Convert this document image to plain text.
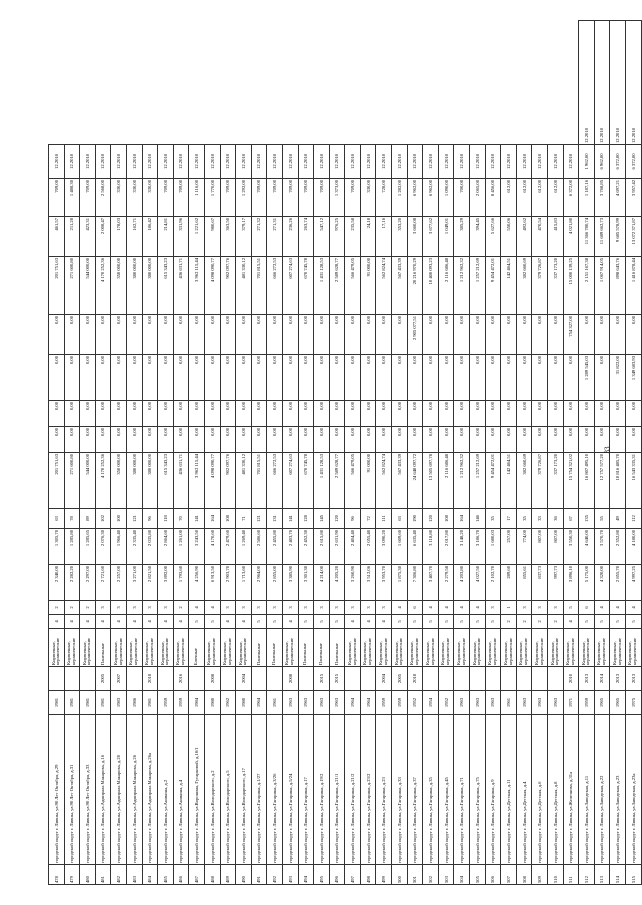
478	городской округ г. Ливны, ул.90 Лет Октября, д.29	1981		Кирпичные, керамические	4	2	2 340,00	1 305,70	63	201 751,63	0,00	0,00	0,00	0,00	201 751,63	461,57	709,00	12.2018	
479	городской округ г. Ливны, ул.90 Лет Октября, д.31	1981		Кирпичные, керамические	4	2	2 282,20	1 285,80	78	271 600,80	0,00	0,00	0,00	0,00	271 600,80	211,28	1 488,30	12.2018	
480	городской округ г. Ливны, ул.90 Лет Октября, д.33	1981		Кирпичные, керамические	4	2	2 297,00	1 285,65	89	544 000,00	0,00	0,00	0,00	0,00	544 000,00	423,31	709,00	12.2018	
481	городской округ г. Ливны, ул.Адмирала Макарова, д.16	1981	2005	Панельные	4	3	2 721,60	2 076,30	102	4 170 252,36	0,00	0,00	0,00	0,00	4 170 252,36	2 008,47	2 568,00	12.2018	
482	городской округ г. Ливны, ул.Адмирала Макарова, д.20	1983	2007	Кирпичные, керамические	4	3	2 257,00	1 966,40	100	350 000,00	0,00	0,00	0,00	0,00	350 000,00	178,03	330,00	12.2018	
483	городской округ г. Ливны, ул.Адмирала Макарова, д.26	1986		Кирпичные, керамические	4	3	3 271,00	2 335,40	121	380 000,00	0,00	0,00	0,00	0,00	380 000,00	162,71	330,00	12.2018	
484	городской округ г. Ливны, ул.Адмирала Макарова, д.26а	1981	2018	Кирпичные, керамические	4	3	2 821,50	2 035,80	96	380 000,00	0,00	0,00	0,00	0,00	380 000,00	186,42	330,00	12.2018	
485	городской округ г. Ливны, ул.Аникина, д.2	1959		Кирпичные, керамические	4	3	3 892,00	2 864,60	118	615 343,23	0,00	0,00	0,00	0,00	615 343,23	214,81	709,00	12.2018	
486	городской округ г. Ливны, ул.Аникина, д.4	1959	2016	Кирпичные, керамические	4	2	1 793,60	1 261,00	70	436 631,71	0,00	0,00	0,00	0,00	436 631,71	331,96	709,00	12.2018	
487	городской округ г. Ливны, ул.Воронина, Гусарковой, д.10/1	1984		Блочные	5	4	4 256,90	3 243,50	141	3 962 115,44	0,00	0,00	0,00	0,00	3 962 115,44	1 221,62	1 116,00	12.2018	
488	городской округ г. Ливны, ул.Володарского, д.2	1980	2008	Кирпичные, керамические	5	4	6 913,50	4 170,60	164	4 098 090,77	0,00	0,00	0,00	0,00	4 098 090,77	980,67	1 770,00	12.2018	
489	городской округ г. Ливны, ул.Володарского, д.5	1962		Кирпичные, керамические	4	3	2 903,70	2 479,60	108	902 097,76	0,00	0,00	0,00	0,00	902 097,76	363,50	709,00	12.2018	
490	городской округ г. Ливны, ул.Володарского, д.17	1980	2004	Кирпичные, керамические	4	3	1 713,60	1 269,40	71	481 330,12	0,00	0,00	0,00	0,00	481 330,12	379,17	1 292,00	12.2018	
491	городской округ г. Ливны, ул.Гагарина, д.1/27	1964		Панельные	5	3	2 964,00	2 586,60	121	701 815,51	0,00	0,00	0,00	0,00	701 815,51	271,32	709,00	12.2018	
492	городской округ г. Ливны, ул.Гагарина, д.3/26	1961		Панельные	5	3	2 855,00	2 455,80	131	666 272,53	0,00	0,00	0,00	0,00	666 272,53	271,31	709,00	12.2018	
493	городской округ г. Ливны, ул.Гагарина, д.5/24	1963	2008	Кирпичные, керамические	4	3	3 385,90	2 403,70	141	607 274,63	0,00	0,00	0,00	0,00	607 274,63	236,26	709,00	12.2018	
494	городской округ г. Ливны, ул.Гагарина, д.17	1963		Панельные	5	3	3 301,30	2 452,30	128	670 745,78	0,00	0,00	0,00	0,00	670 745,78	263,74	709,00	12.2018	
495	городской округ г. Ливны, ул.Гагарина, д.19/2	1963	2015	Панельные	5	3	4 214,00	2 615,80	145	1 431 128,53	0,00	0,00	0,00	0,00	1 431 128,53	547,12	709,00	12.2018	
496	городской округ г. Ливны, ул.Гагарина, д.21/1	1963	2015	Панельные	5	3	4 205,20	2 631,90	120	2 589 628,77	0,00	0,00	0,00	0,00	2 589 628,77	976,25	1 373,00	12.2018	
497	городской округ г. Ливны, ул.Гагарина, д.21/2	1964		Кирпичные, керамические	4	3	3 260,90	2 404,40	96	566 479,05	0,00	0,00	0,00	0,00	566 479,05	235,58	709,00	12.2018	
498	городской округ г. Ливны, ул.Гагарина, д.23/2	1964		Кирпичные, керамические	4	3	3 512,06	2 055,40	72	91 000,00	0,00	0,00	0,00	0,00	91 000,00	24,18	330,00	12.2018	
499	городской округ г. Ливны, ул.Гагарина, д.23	1959	2004	Кирпичные, керамические	4	3	3 953,70	3 090,20	111	562 824,74	0,00	0,00	0,00	0,00	562 824,74	17,16	728,00	12.2018	
500	городской округ г. Ливны, ул.Гагарина, д.33	1959	2005	Кирпичные, керамические	5	4	1 875,30	1 609,60	63	567 433,39	0,00	0,00	0,00	0,00	567 433,39	353,20	1 282,00	12.2018	
501	городской округ г. Ливны, ул.Гагарина, д.37	1952	2018	Кирпичные, керамические	5	6	7 306,80	6 635,40	190	24 648 097,72	0,00	0,00	0,00	2 905 077,51	20 216 970,29	3 660,08	6 962,00	12.2018	
502	городской округ г. Ливны, ул.Гагарина, д.35	1954		Кирпичные, керамические	5	4	3 407,70	3 118,80	120	13 505 697,78	0,00	0,00	0,00	0,00	10 400 093,23	3 677,62	6 962,00	12.2018	
503	городской округ г. Ливны, ул.Гагарина, д.45	1952		Кирпичные, керамические	5	4	2 279,58	2 017,80	108	2 116 686,48	0,00	0,00	0,00	0,00	2 116 686,48	1 049,01	1 090,00	12.2018	
504	городской округ г. Ливны, ул.Гагарина, д.71	1963		Кирпичные, керамические	5	4	4 203,80	3 148,20	164	1 212 962,32	0,00	0,00	0,00	0,00	1 212 962,32	385,29	700,00	12.2018	
505	городской округ г. Ливны, ул.Гагарина, д.75	1963		Кирпичные, керамические	5	4	4 027,50	3 186,70	146	1 257 212,69	0,00	0,00	0,00	0,00	1 257 212,69	394,45	2 065,00	12.2018	
506	городской округ г. Ливны, ул.Гагарина, д.9	1963		Кирпичные, керамические	5	3	2 102,70	1 680,03	35	9 454 472,01	0,00	0,00	0,00	0,00	9 454 472,01	5 627,66	8 456,00	12.2018	
507	городской округ г. Ливны, ул.Детская, д.11	1961		Кирпичные, керамические	2	1	289,60	257,00	17	142 464,51	0,00	0,00	0,00	0,00	142 464,51	550,06	612,00	12.2018	
508	городской округ г. Ливны, ул.Детская, д.4	1963		Кирпичные, керамические	2	3	855,61	774,00	35	382 660,69	0,00	0,00	0,00	0,00	382 660,69	492,62	612,00	12.2018	
509	городской округ г. Ливны, ул.Детская, д.6	1963		Кирпичные, керамические	2	3	837,73	807,00	33	379 726,87	0,00	0,00	0,00	0,00	379 726,87	470,54	612,00	12.2018	
510	городской округ г. Ливны, ул.Детская, д.8	1963		Кирпичные, керамические	2	3	997,73	807,00	36	337 173,20	0,00	0,00	0,00	0,00	337 173,20	415,83	612,00	12.2018	
511	городской округ г. Ливны, ул.Железнова, д.31а	1971	2010	Кирпичные, керамические	4	5	3 896,10	3 550,30	67	15 754 321,02	0,00	0,00	0,00	754 327,00	15 000 139,25	4 021,80	6 372,00	12.2018	
512	городской округ г. Ливны, ул.Заводская, д.11	1959	2013	Кирпичные, керамические	5	6	5 175,00	4 640,00	135	16 807 495,10	0,00	0,00	1 289 545,03	0,00	2 151 167,38	11 366 780,74	1 187,16	1 962,00	12.2018
513	городской округ г. Ливны, ул.Заводская, д.22	1965	2014	Кирпичные, керамические	5	4	4 320,00	3 570,70	55	12 757 577,20	0,00	0,00	0,00	0,00	1 067 914,05	11 689 662,73	3 768,85	6 962,00	12.2018
514	городской округ г. Ливны, ул.Заводская, д.23	1965	2013	Кирпичные, керамические	5	4	2 855,70	2 352,80	49	10 816 485,70	0,00	0,00	31 822,00	0,00	898 643,76	9 685 578,99	4 697,21	6 372,00	12.2018
515	городской округ г. Ливны, ул.Заводская, д.23а	1975	2013	Кирпичные, керамические	5	4	4 997,25	4 180,00	112	16 543 335,31	0,00	0,00	1 349 683,93	0,00	1 416 878,44	13 072 371,87	3 957,42	6 372,00	12.2018
33
